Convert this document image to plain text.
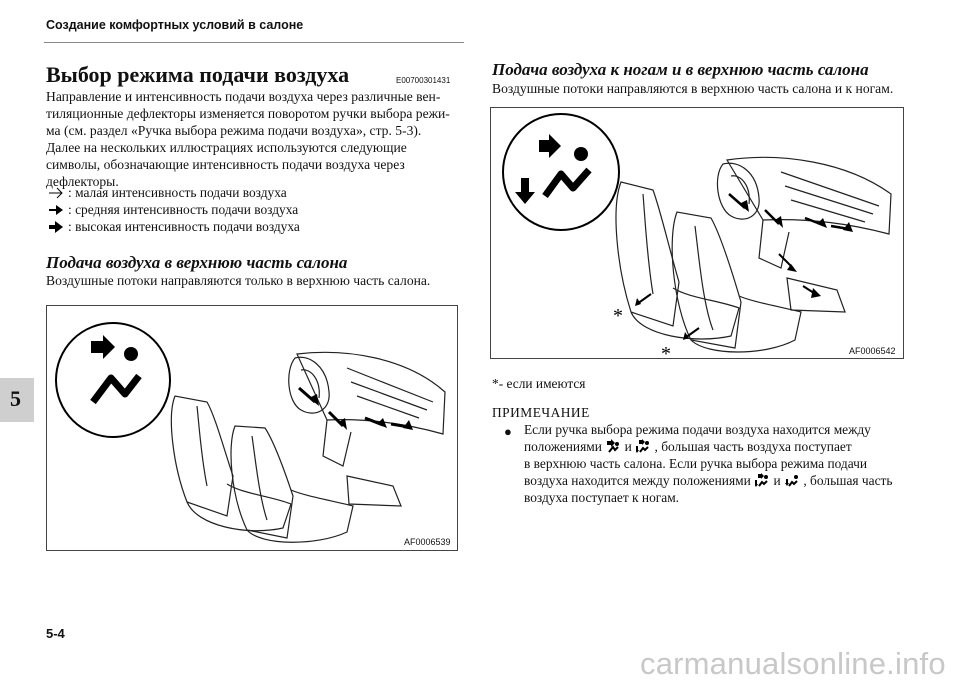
Создание комфортных условий в салоне
5
Выбор режима подачи воздуха	E00700301431
Направление и интенсивность подачи воздуха через различные вен-
тиляционные дефлекторы изменяется поворотом ручки выбора режи-
ма (см. раздел «Ручка выбора режима подачи воздуха», стр. 5-3).
Далее на нескольких иллюстрациях используются следующие
символы, обозначающие интенсивность подачи воздуха через
дефлекторы.
: малая интенсивность подачи воздуха
: средняя интенсивность подачи воздуха
: высокая интенсивность подачи воздуха
Подача воздуха в верхнюю часть салона
Воздушные потоки направляются только в верхнюю часть салона.
AF0006539
Подача воздуха к ногам и в верхнюю часть салона
Воздушные потоки направляются в верхнюю часть салона и к ногам.
*
*	AF0006542
*- если имеются
ПРИМЕЧАНИЕ
● Если ручка выбора режима подачи воздуха находится между
положениями и , большая часть воздуха поступает
в верхнюю часть салона. Если ручка выбора режима подачи
воздуха находится между положениями и , большая часть
воздуха поступает к ногам.
5-4
carmanualsonline.info
